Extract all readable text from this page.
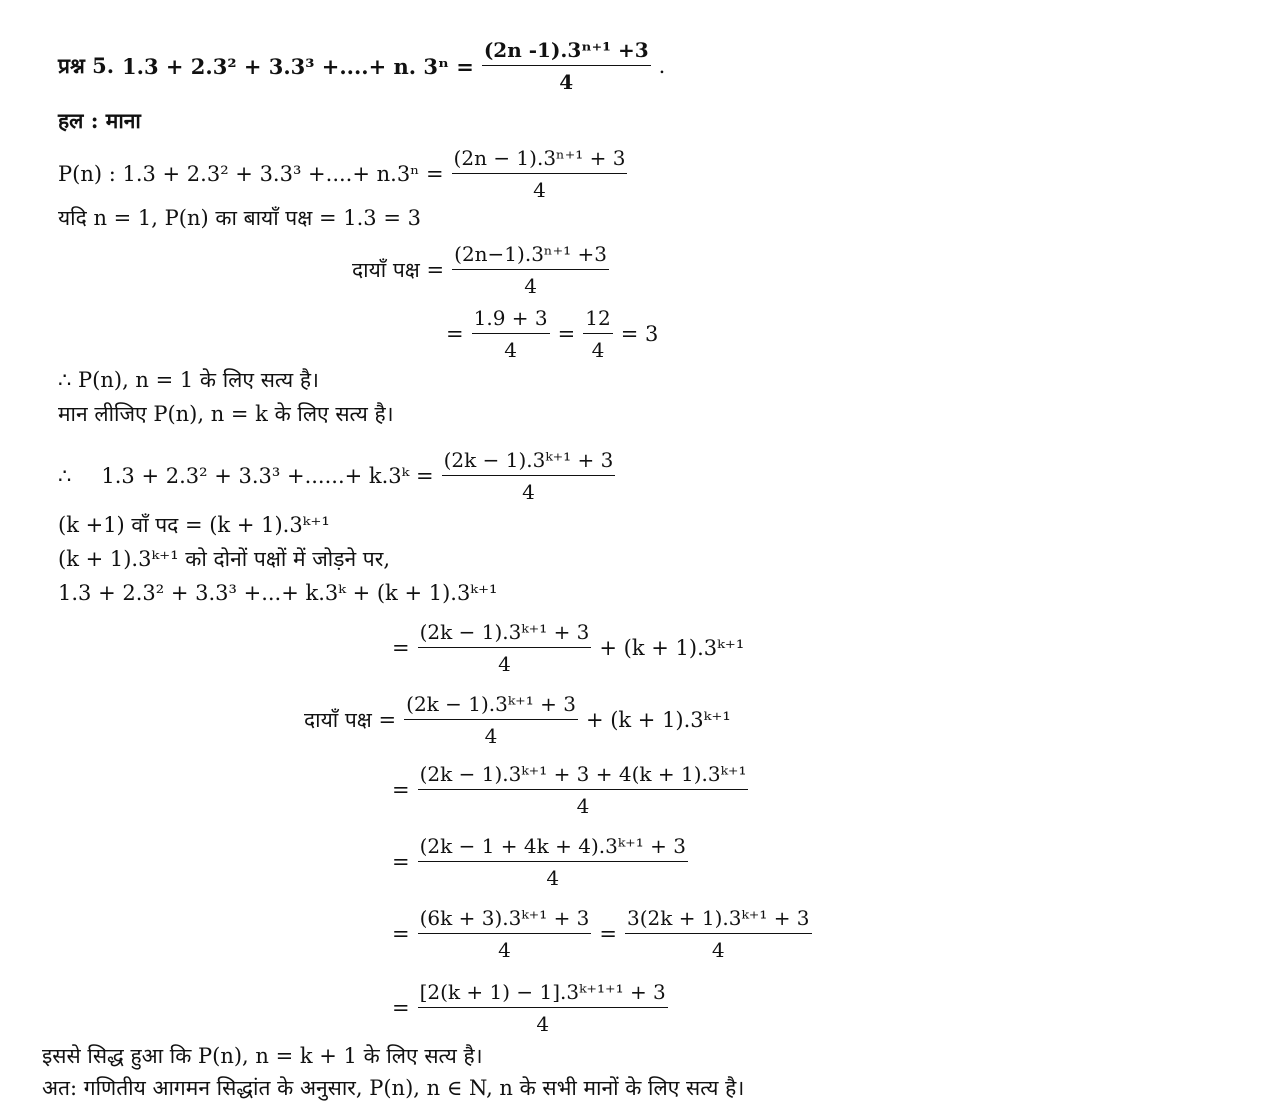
प्रश्न 5. 1.3 + 2.3² + 3.3³ +....+ n. $3^n = \frac{\text{(2n -1).3ⁿ⁺¹ +3}}{4}$ .
हल : माना
P(n) : 1.3 + 2.3² + 3.3³ +....+ $n.3^n = \frac{\text{(2n − 1).3ⁿ⁺¹ + 3}}{4}$
यदि n = 1, P(n) का बायाँ पक्ष = 1.3 = 3
दायाँ पक्ष = $\frac{\text{(2n−1).3ⁿ⁺¹ +3}}{4}$
= $\frac{1.9 + 3}{4} = \frac{12}{4} = 3$
∴ P(n), n = 1 के लिए सत्य है।
मान लीजिए P(n), n = k के लिए सत्य है।
∴ 1.3 + 2.3² + 3.3³ +......+ k.3ᵏ = $\frac{\text{(2k − 1).3ᵏ⁺¹ + 3}}{4}$
(k +1) वाँ पद = (k + 1).3ᵏ⁺¹
(k + 1).3ᵏ⁺¹ को दोनों पक्षों में जोड़ने पर,
1.3 + 2.3² + 3.3³ +...+ k.3ᵏ + (k + 1).3ᵏ⁺¹
= $\frac{\text{(2k − 1).3ᵏ⁺¹ + 3}}{4} + (k$ + 1).3ᵏ⁺¹
दायाँ पक्ष = $\frac{\text{(2k − 1).3ᵏ⁺¹ + 3}}{4} + (k$ + 1).3ᵏ⁺¹
= $\frac{\text{(2k − 1).3ᵏ⁺¹ + 3 + 4(k + 1).3ᵏ⁺¹}}{4}$
= $\frac{\text{(2k − 1 + 4k + 4).3ᵏ⁺¹ + 3}}{4}$
= $\frac{\text{(6k + 3).3ᵏ⁺¹ + 3}}{4} = \frac{\text{3(2k + 1).3ᵏ⁺¹ + 3}}{4}$
= $\frac{\text{[2(k + 1) − 1].3ᵏ⁺¹⁺¹ + 3}}{4}$
इससे सिद्ध हुआ कि P(n), n = k + 1 के लिए सत्य है।
अत: गणितीय आगमन सिद्धांत के अनुसार, P(n), n ∈ N, n के सभी मानों के लिए सत्य है।
